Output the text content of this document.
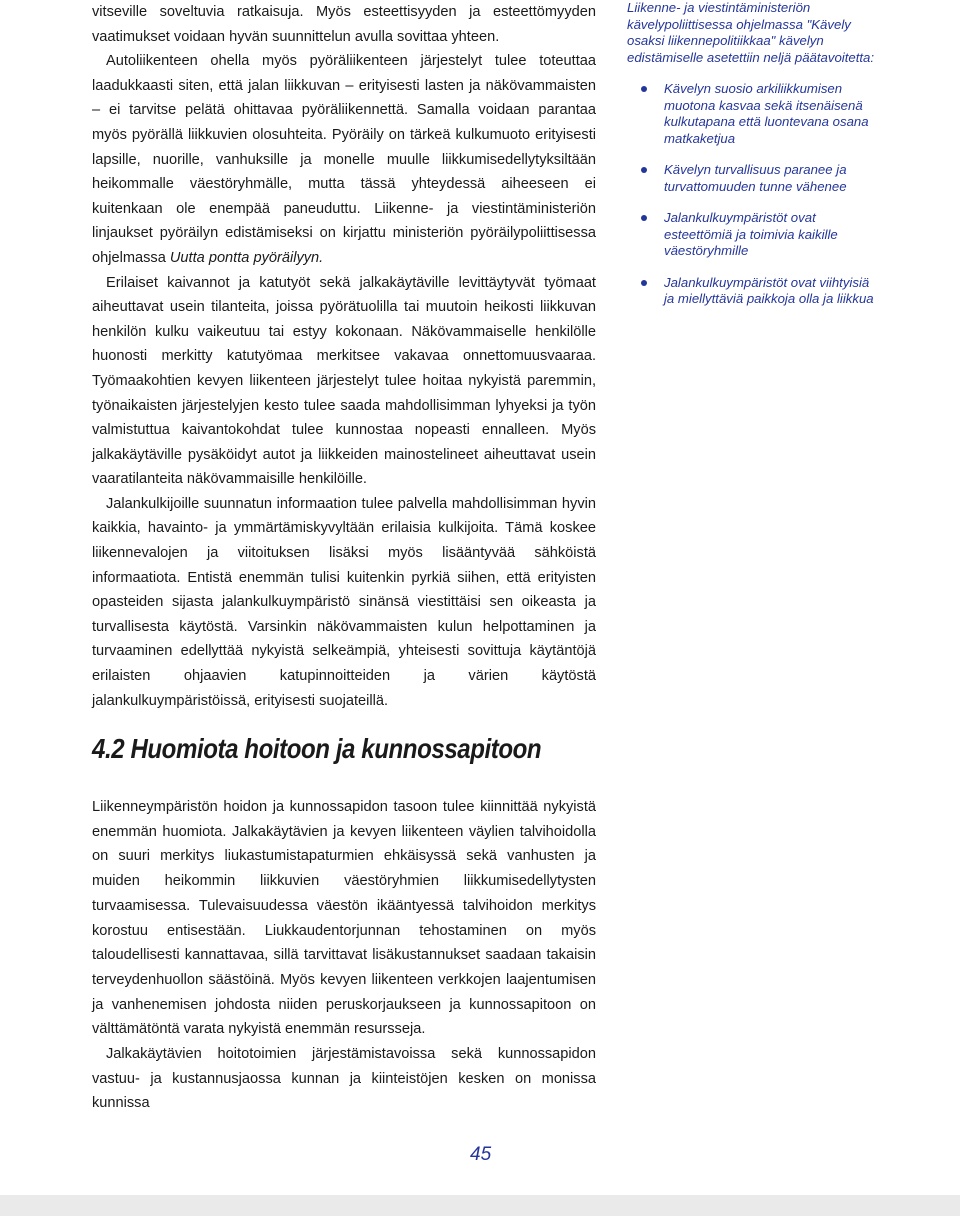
vitseville soveltuvia ratkaisuja. Myös esteettisyyden ja esteettömyyden vaatimukset voidaan hyvän suunnittelun avulla sovittaa yhteen.

Autoliikenteen ohella myös pyöräliikenteen järjestelyt tulee toteuttaa laadukkaasti siten, että jalan liikkuvan – erityisesti lasten ja näkövammaisten – ei tarvitse pelätä ohittavaa pyöräliikennettä. Samalla voidaan parantaa myös pyörällä liikkuvien olosuhteita. Pyöräily on tärkeä kulkumuoto erityisesti lapsille, nuorille, vanhuksille ja monelle muulle liikkumisedellytyksiltään heikommalle väestöryhmälle, mutta tässä yhteydessä aiheeseen ei kuitenkaan ole enempää paneuduttu. Liikenne- ja viestintäministeriön linjaukset pyöräilyn edistämiseksi on kirjattu ministeriön pyöräilypoliittisessa ohjelmassa Uutta pontta pyöräilyyn.

Erilaiset kaivannot ja katutyöt sekä jalkakäytäville levittäytyvät työmaat aiheuttavat usein tilanteita, joissa pyörätuolilla tai muutoin heikosti liikkuvan henkilön kulku vaikeutuu tai estyy kokonaan. Näkövammaiselle henkilölle huonosti merkitty katutyömaa merkitsee vakavaa onnettomuusvaaraa. Työmaakohtien kevyen liikenteen järjestelyt tulee hoitaa nykyistä paremmin, työnaikaisten järjestelyjen kesto tulee saada mahdollisimman lyhyeksi ja työn valmistuttua kaivantokohdat tulee kunnostaa nopeasti ennalleen. Myös jalkakäytäville pysäköidyt autot ja liikkeiden mainostelineet aiheuttavat usein vaaratilanteita näkövammaisille henkilöille.

Jalankulkijoille suunnatun informaation tulee palvella mahdollisimman hyvin kaikkia, havainto- ja ymmärtämiskyvyltään erilaisia kulkijoita. Tämä koskee liikennevalojen ja viitoituksen lisäksi myös lisääntyvää sähköistä informaatiota. Entistä enemmän tulisi kuitenkin pyrkiä siihen, että erityisten opasteiden sijasta jalankulkuympäristö sinänsä viestittäisi sen oikeasta ja turvallisesta käytöstä. Varsinkin näkövammaisten kulun helpottaminen ja turvaaminen edellyttää nykyistä selkeämpiä, yhteisesti sovittuja käytäntöjä erilaisten ohjaavien katupinnoitteiden ja värien käytöstä jalankulkuympäristöissä, erityisesti suojateillä.

4.2 Huomiota hoitoon ja kunnossapitoon

Liikenneympäristön hoidon ja kunnossapidon tasoon tulee kiinnittää nykyistä enemmän huomiota. Jalkakäytävien ja kevyen liikenteen väylien talvihoidolla on suuri merkitys liukastumistapaturmien ehkäisyssä sekä vanhusten ja muiden heikommin liikkuvien väestöryhmien liikkumisedellytysten turvaamisessa. Tulevaisuudessa väestön ikääntyessä talvihoidon merkitys korostuu entisestään. Liukkaudentorjunnan tehostaminen on myös taloudellisesti kannattavaa, sillä tarvittavat lisäkustannukset saadaan takaisin terveydenhuollon säästöinä. Myös kevyen liikenteen verkkojen laajentumisen ja vanhenemisen johdosta niiden peruskorjaukseen ja kunnossapitoon on välttämätöntä varata nykyistä enemmän resursseja.

Jalkakäytävien hoitotoimien järjestämistavoissa sekä kunnossapidon vastuu- ja kustannusjaossa kunnan ja kiinteistöjen kesken on monissa kunnissa

Liikenne- ja viestintäministeriön kävelypoliittisessa ohjelmassa "Kävely osaksi liikennepolitiikkaa" kävelyn edistämiselle asetettiin neljä päätavoitetta:

Kävelyn suosio arkiliikkumisen muotona kasvaa sekä itsenäisenä kulkutapana että luontevana osana matkaketjua
Kävelyn turvallisuus paranee ja turvattomuuden tunne vähenee
Jalankulkuympäristöt ovat esteettömiä ja toimivia kaikille väestöryhmille
Jalankulkuympäristöt ovat viihtyisiä ja miellyttäviä paikkoja olla ja liikkua
45
